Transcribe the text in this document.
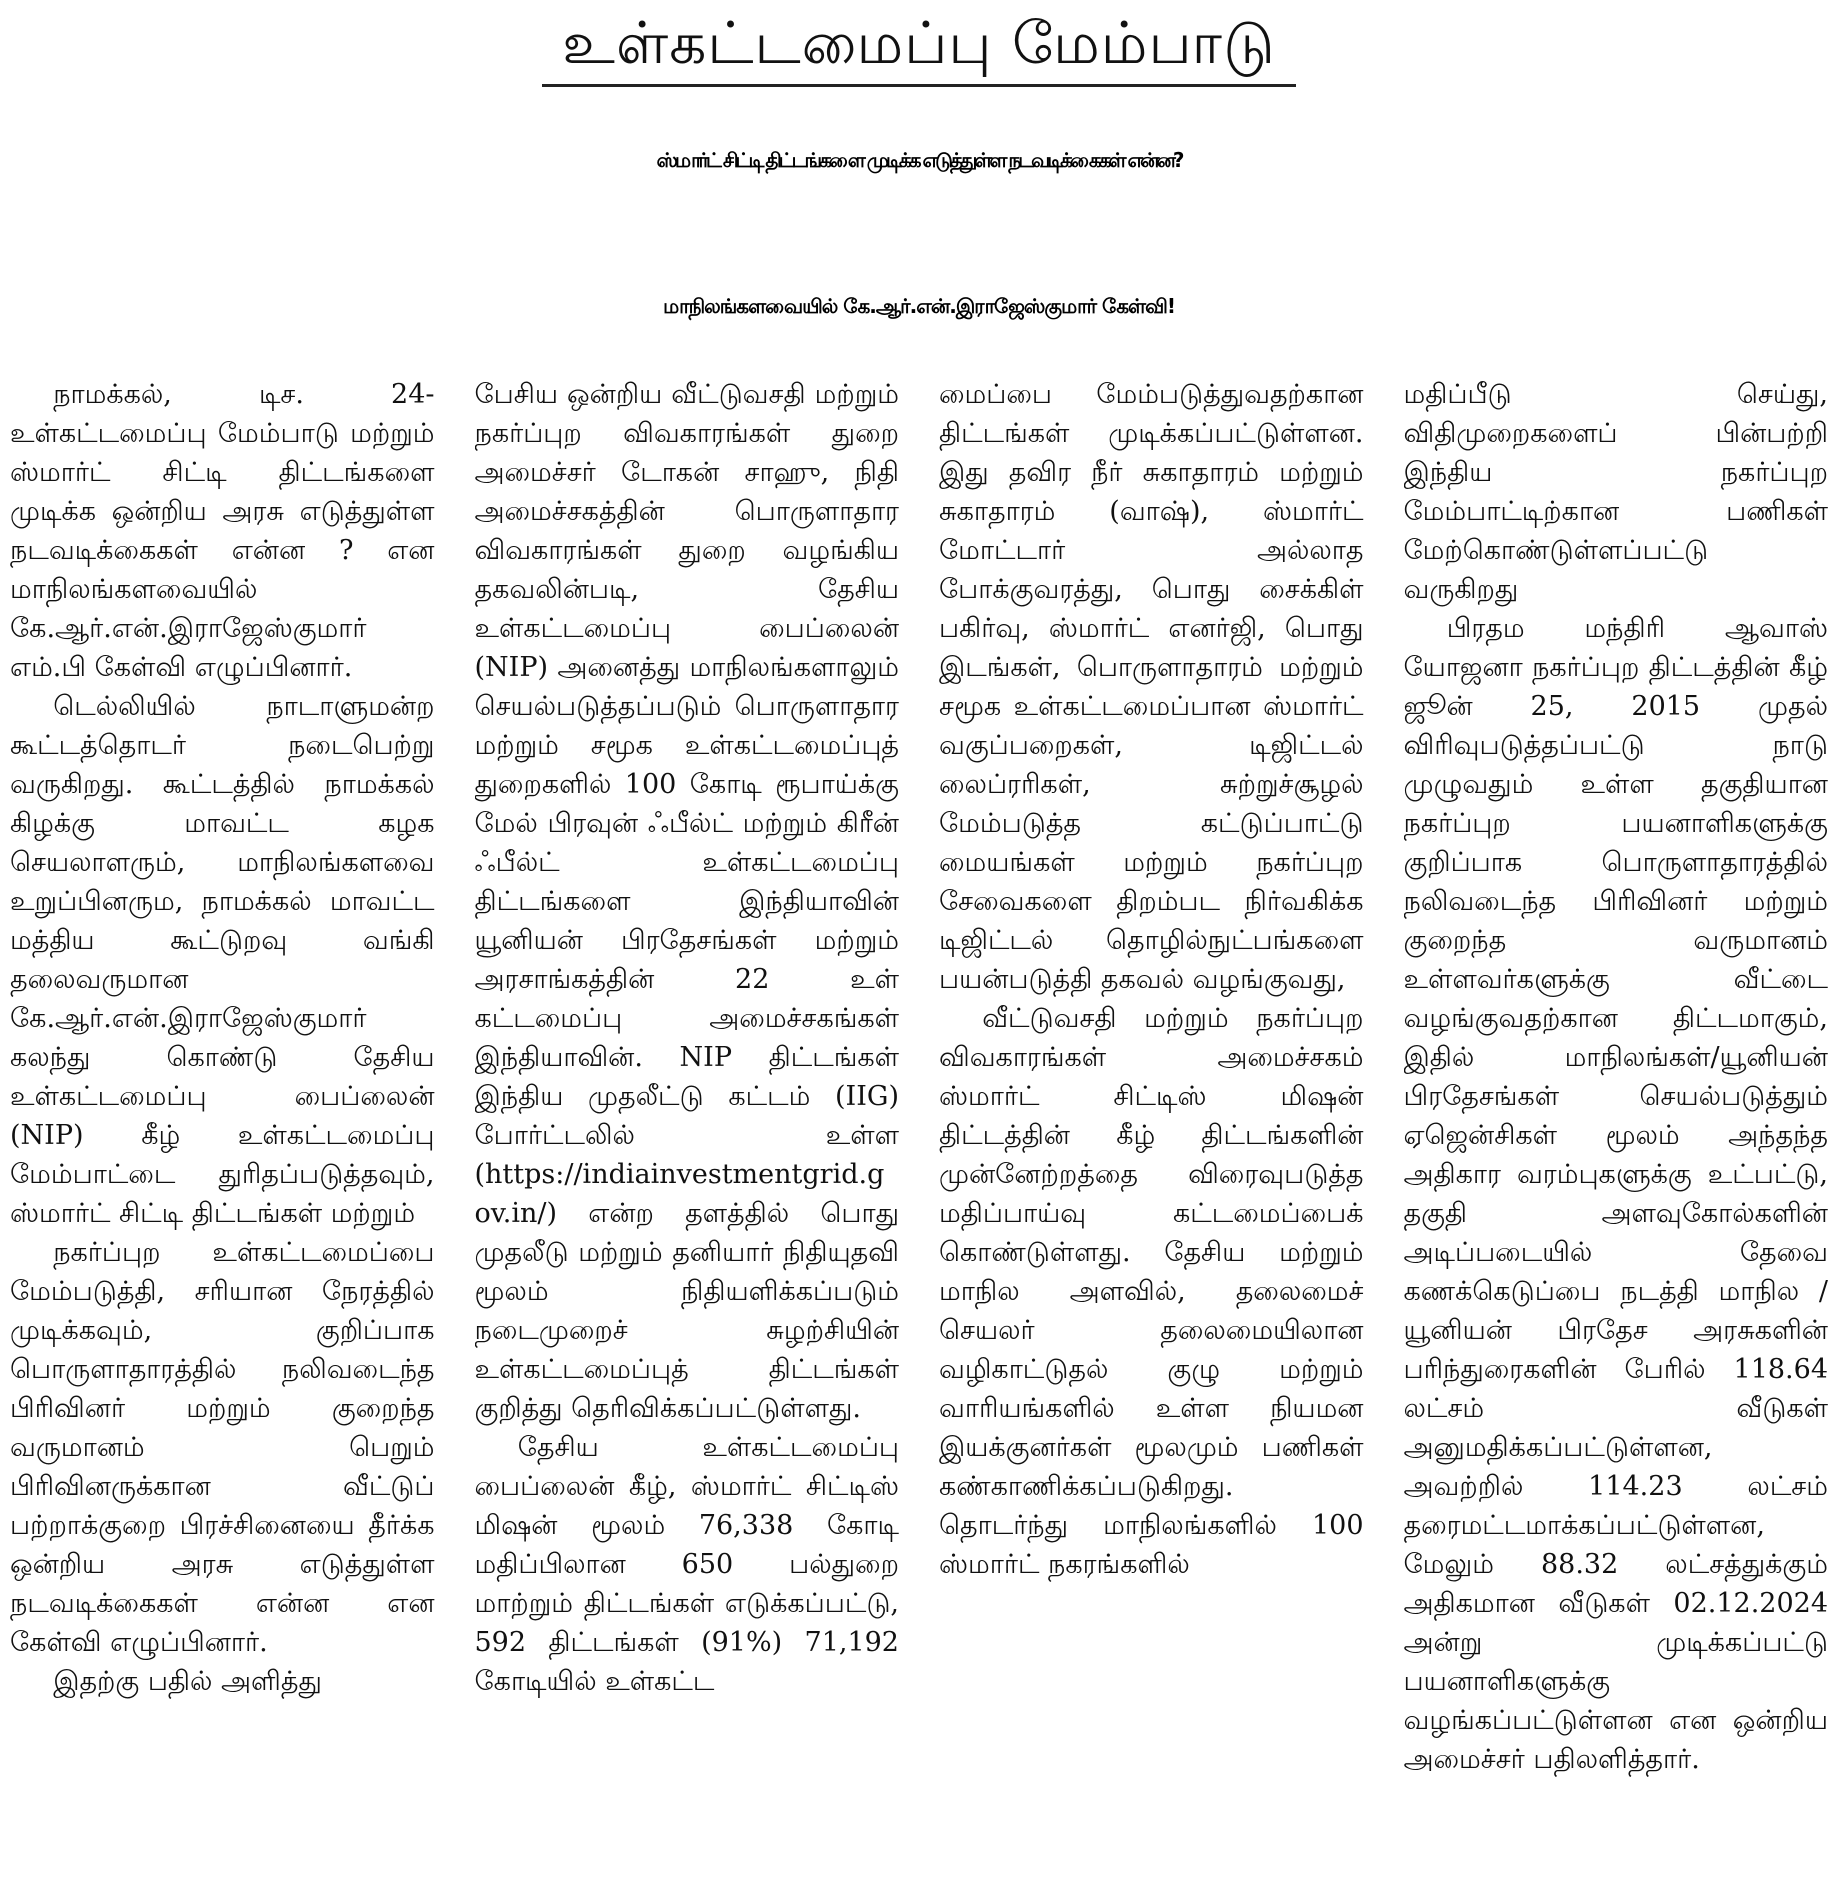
உள்கட்டமைப்பு மேம்பாடு
ஸ்மார்ட் சிட்டி திட்டங்களை முடிக்க எடுத்துள்ள நடவடிக்கைகள் என்ன?
மாநிலங்களவையில் கே.ஆர்.என்.இராஜேஸ்குமார் கேள்வி!

நாமக்கல், டிச. 24- உள்கட்டமைப்பு மேம்பாடு மற்றும் ஸ்மார்ட் சிட்டி திட்டங்களை முடிக்க ஒன்றிய அரசு எடுத்துள்ள நடவடிக்கைகள் என்ன ? என மாநிலங்களவையில் கே.ஆர்.என்.இராஜேஸ்குமார் எம்.பி கேள்வி எழுப்பினார்.

டெல்லியில் நாடாளுமன்ற கூட்டத்தொடர் நடைபெற்று வருகிறது. கூட்டத்தில் நாமக்கல் கிழக்கு மாவட்ட கழக செயலாளரும், மாநிலங்களவை உறுப்பினரும, நாமக்கல் மாவட்ட மத்திய கூட்டுறவு வங்கி தலைவருமான கே.ஆர்.என்.இராஜேஸ்குமார் கலந்து கொண்டு தேசிய உள்கட்டமைப்பு பைப்லைன் (NIP) கீழ் உள்கட்டமைப்பு மேம்பாட்டை துரிதப்படுத்தவும், ஸ்மார்ட் சிட்டி திட்டங்கள் மற்றும்

நகர்ப்புற உள்கட்டமைப்பை மேம்படுத்தி, சரியான நேரத்தில் முடிக்கவும், குறிப்பாக பொருளாதாரத்தில் நலிவடைந்த பிரிவினர் மற்றும் குறைந்த வருமானம் பெறும் பிரிவினருக்கான வீட்டுப் பற்றாக்குறை பிரச்சினையை தீர்க்க ஒன்றிய அரசு எடுத்துள்ள நடவடிக்கைகள் என்ன என கேள்வி எழுப்பினார்.

இதற்கு பதில் அளித்து

பேசிய ஒன்றிய வீட்டுவசதி மற்றும் நகர்ப்புற விவகாரங்கள் துறை அமைச்சர் டோகன் சாஹு, நிதி அமைச்சகத்தின் பொருளாதார விவகாரங்கள் துறை வழங்கிய தகவலின்படி, தேசிய உள்கட்டமைப்பு பைப்லைன் (NIP) அனைத்து மாநிலங்களாலும் செயல்படுத்தப்படும் பொருளாதார மற்றும் சமூக உள்கட்டமைப்புத் துறைகளில் 100 கோடி ரூபாய்க்கு மேல் பிரவுன் ஃபீல்ட் மற்றும் கிரீன் ஃபீல்ட் உள்கட்டமைப்பு திட்டங்களை இந்தியாவின் யூனியன் பிரதேசங்கள் மற்றும் அரசாங்கத்தின் 22 உள் கட்டமைப்பு அமைச்சகங்கள் இந்தியாவின். NIP திட்டங்கள் இந்திய முதலீட்டு கட்டம் (IIG) போர்ட்டலில் உள்ள (https://indiainvestmentgrid.gov.in/) என்ற தளத்தில் பொது முதலீடு மற்றும் தனியார் நிதியுதவி மூலம் நிதியளிக்கப்படும் நடைமுறைச் சுழற்சியின் உள்கட்டமைப்புத் திட்டங்கள் குறித்து தெரிவிக்கப்பட்டுள்ளது.

தேசிய உள்கட்டமைப்பு பைப்லைன் கீழ், ஸ்மார்ட் சிட்டிஸ் மிஷன் மூலம் 76,338 கோடி மதிப்பிலான 650 பல்துறை மாற்றும் திட்டங்கள் எடுக்கப்பட்டு, 592 திட்டங்கள் (91%) 71,192 கோடியில் உள்கட்ட

மைப்பை மேம்படுத்துவதற்கான திட்டங்கள் முடிக்கப்பட்டுள்ளன. இது தவிர நீர் சுகாதாரம் மற்றும் சுகாதாரம் (வாஷ்), ஸ்மார்ட் மோட்டார் அல்லாத போக்குவரத்து, பொது சைக்கிள் பகிர்வு, ஸ்மார்ட் எனர்ஜி, பொது இடங்கள், பொருளாதாரம் மற்றும் சமூக உள்கட்டமைப்பான ஸ்மார்ட் வகுப்பறைகள், டிஜிட்டல் லைப்ரரிகள், சுற்றுச்சூழல் மேம்படுத்த கட்டுப்பாட்டு மையங்கள் மற்றும் நகர்ப்புற சேவைகளை திறம்பட நிர்வகிக்க டிஜிட்டல் தொழில்நுட்பங்களை பயன்படுத்தி தகவல் வழங்குவது,

வீட்டுவசதி மற்றும் நகர்ப்புற விவகாரங்கள் அமைச்சகம் ஸ்மார்ட் சிட்டிஸ் மிஷன் திட்டத்தின் கீழ் திட்டங்களின் முன்னேற்றத்தை விரைவுபடுத்த மதிப்பாய்வு கட்டமைப்பைக் கொண்டுள்ளது. தேசிய மற்றும் மாநில அளவில், தலைமைச் செயலர் தலைமையிலான வழிகாட்டுதல் குழு மற்றும் வாரியங்களில் உள்ள நியமன இயக்குனர்கள் மூலமும் பணிகள் கண்காணிக்கப்படுகிறது. தொடர்ந்து மாநிலங்களில் 100 ஸ்மார்ட் நகரங்களில்

மதிப்பீடு செய்து, விதிமுறைகளைப் பின்பற்றி இந்திய நகர்ப்புற மேம்பாட்டிற்கான பணிகள் மேற்கொண்டுள்ளப்பட்டு வருகிறது

பிரதம மந்திரி ஆவாஸ் யோஜனா நகர்ப்புற திட்டத்தின் கீழ் ஜூன் 25, 2015 முதல் விரிவுபடுத்தப்பட்டு நாடு முழுவதும் உள்ள தகுதியான நகர்ப்புற பயனாளிகளுக்கு குறிப்பாக பொருளாதாரத்தில் நலிவடைந்த பிரிவினர் மற்றும் குறைந்த வருமானம் உள்ளவர்களுக்கு வீட்டை வழங்குவதற்கான திட்டமாகும், இதில் மாநிலங்கள்/யூனியன் பிரதேசங்கள் செயல்படுத்தும் ஏஜென்சிகள் மூலம் அந்தந்த அதிகார வரம்புகளுக்கு உட்பட்டு, தகுதி அளவுகோல்களின் அடிப்படையில் தேவை கணக்கெடுப்பை நடத்தி மாநில / யூனியன் பிரதேச அரசுகளின் பரிந்துரைகளின் பேரில் 118.64 லட்சம் வீடுகள் அனுமதிக்கப்பட்டுள்ளன, அவற்றில் 114.23 லட்சம் தரைமட்டமாக்கப்பட்டுள்ளன, மேலும் 88.32 லட்சத்துக்கும் அதிகமான வீடுகள் 02.12.2024 அன்று முடிக்கப்பட்டு பயனாளிகளுக்கு வழங்கப்பட்டுள்ளன என ஒன்றிய அமைச்சர் பதிலளித்தார்.
